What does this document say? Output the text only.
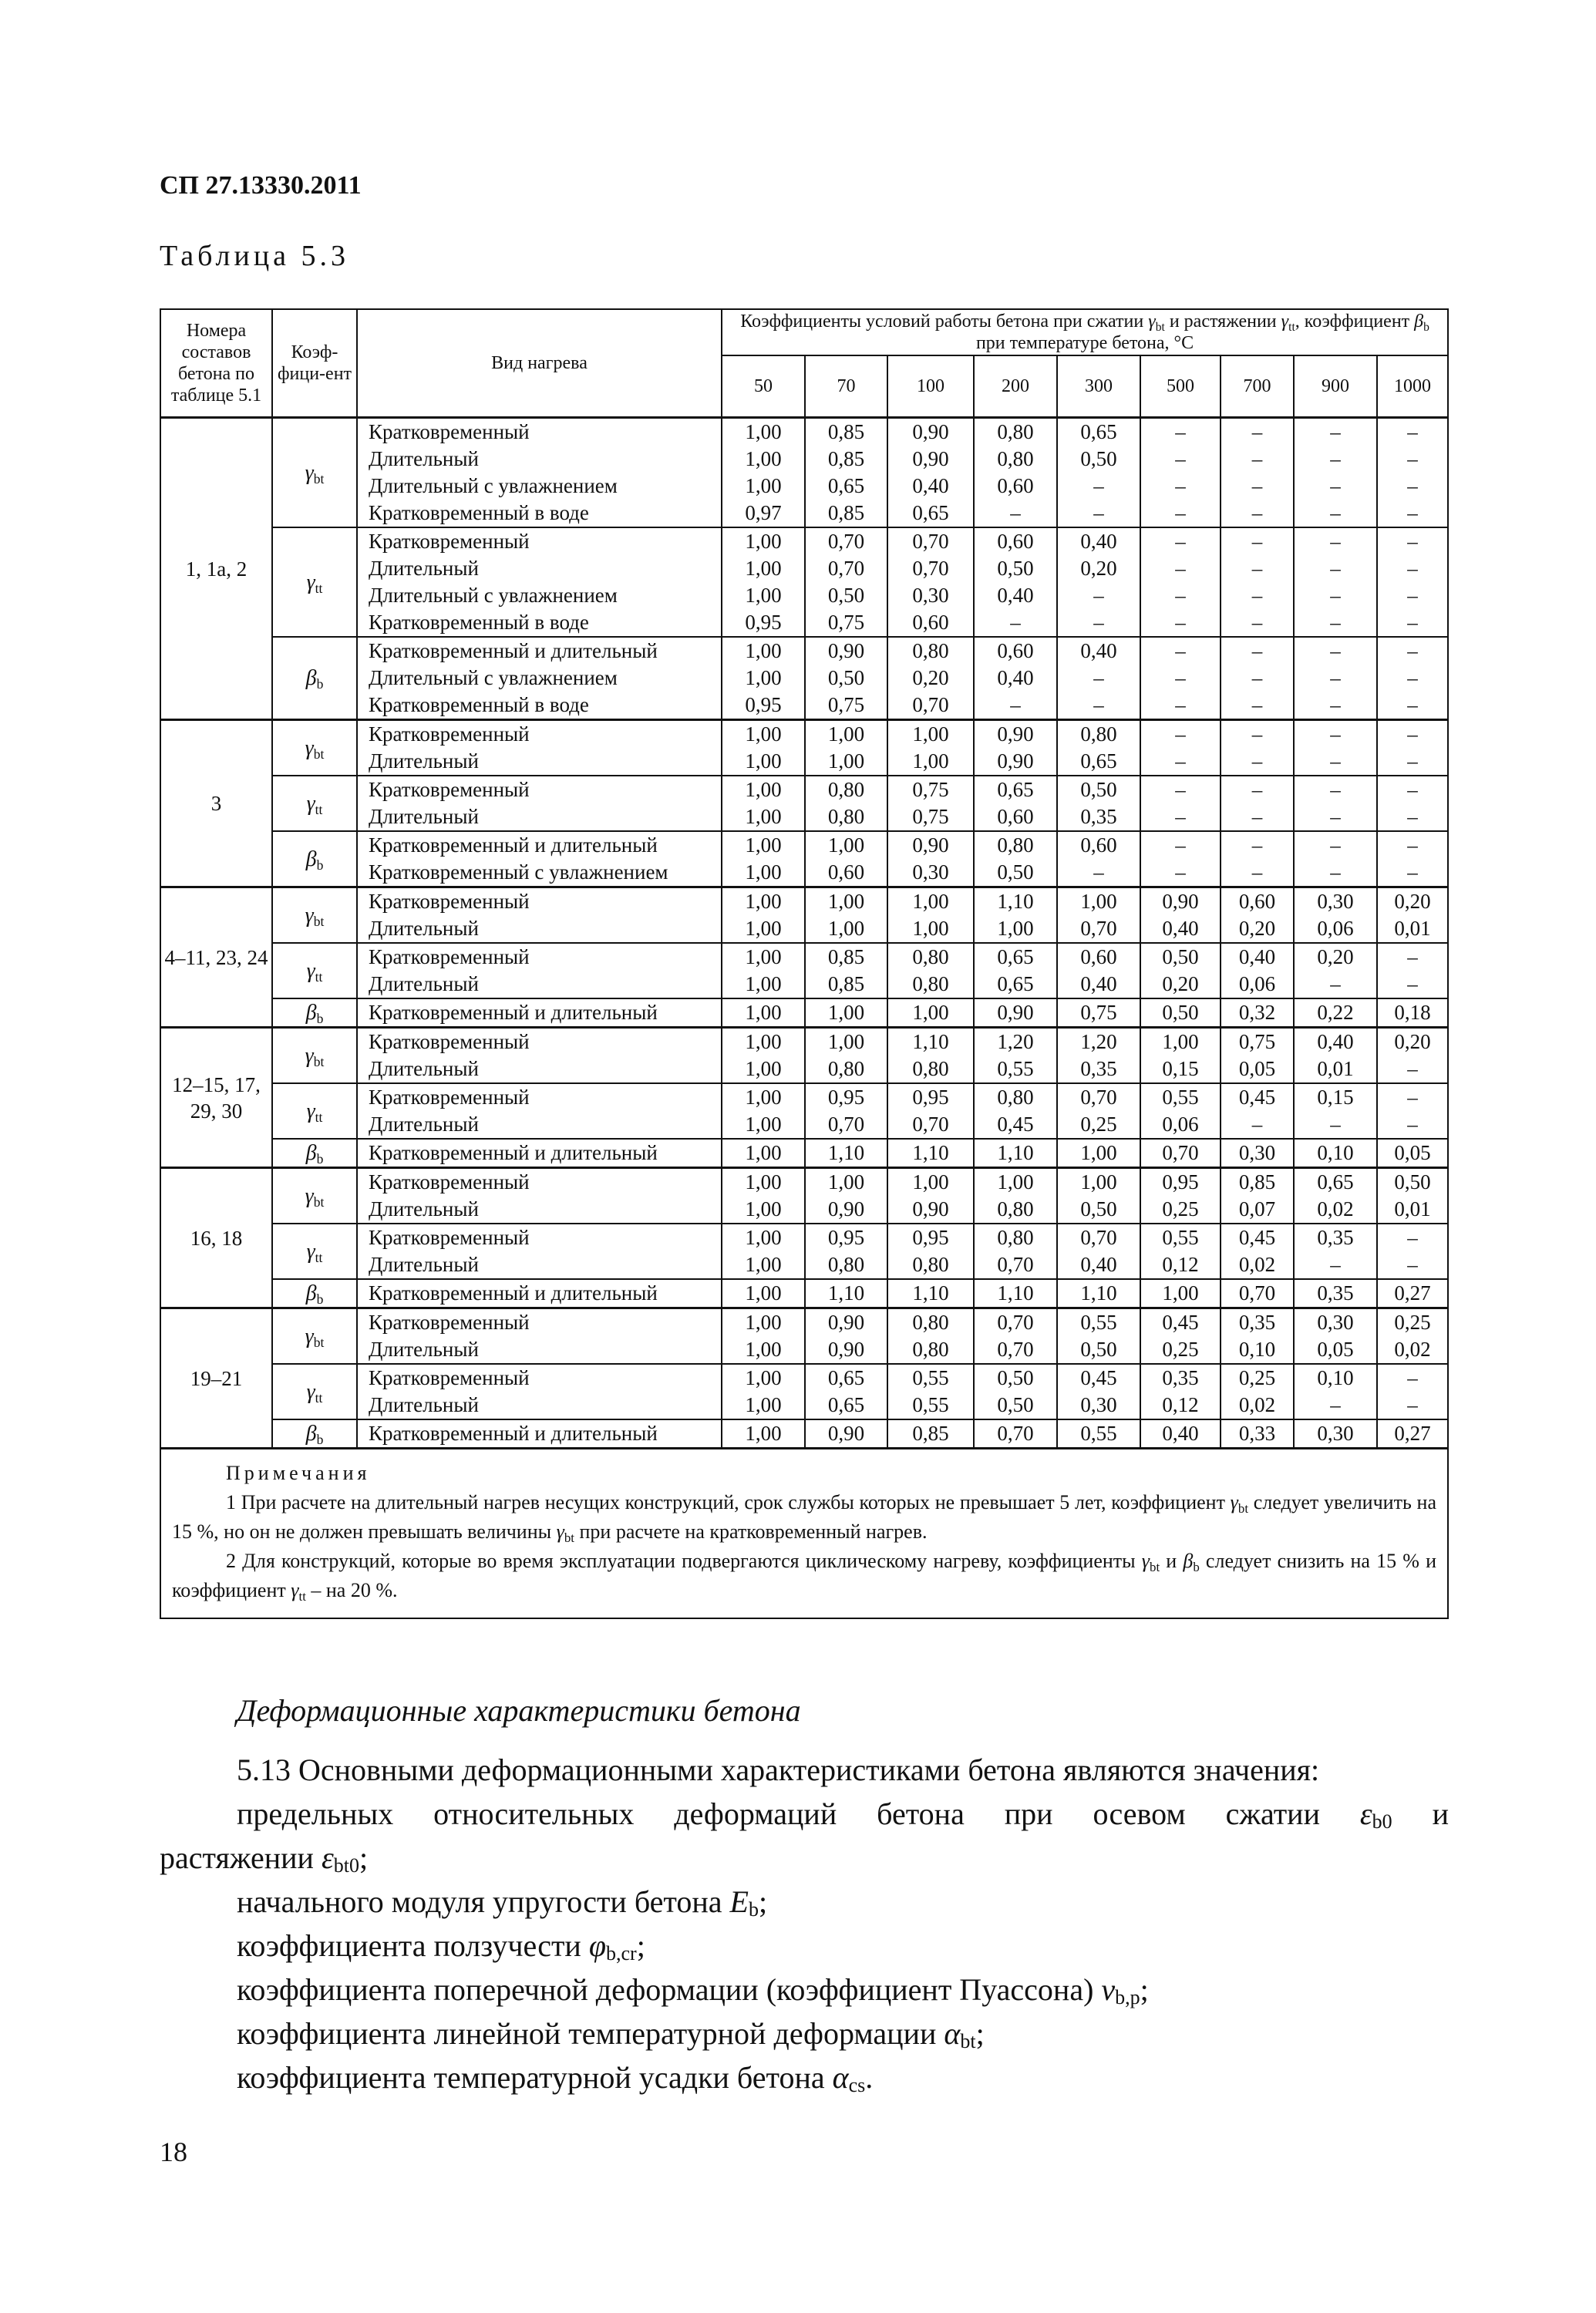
СП 27.13330.2011
Таблица 5.3
Номера составов бетона по таблице 5.1	Коэф-фици-ент	Вид нагрева	Коэффициенты условий работы бетона при сжатии $\gamma_{bt}$ и растяжении $\gamma_{tt}$, коэффициент $\beta_b$ при температуре бетона, °С								
			50	70	100	200	300	500	700	900	1000
1, 1а, 2	$\gamma_{bt}$	Кратковременный	1,00	0,85	0,90	0,80	0,65	–	–	–	–
		Длительный	1,00	0,85	0,90	0,80	0,50	–	–	–	–
		Длительный с увлажнением	1,00	0,65	0,40	0,60	–	–	–	–	–
		Кратковременный в воде	0,97	0,85	0,65	–	–	–	–	–	–
	$\gamma_{tt}$	Кратковременный	1,00	0,70	0,70	0,60	0,40	–	–	–	–
		Длительный	1,00	0,70	0,70	0,50	0,20	–	–	–	–
		Длительный с увлажнением	1,00	0,50	0,30	0,40	–	–	–	–	–
		Кратковременный в воде	0,95	0,75	0,60	–	–	–	–	–	–
	$\beta_b$	Кратковременный и длительный	1,00	0,90	0,80	0,60	0,40	–	–	–	–
		Длительный с увлажнением	1,00	0,50	0,20	0,40	–	–	–	–	–
		Кратковременный в воде	0,95	0,75	0,70	–	–	–	–	–	–
3	$\gamma_{bt}$	Кратковременный	1,00	1,00	1,00	0,90	0,80	–	–	–	–
		Длительный	1,00	1,00	1,00	0,90	0,65	–	–	–	–
	$\gamma_{tt}$	Кратковременный	1,00	0,80	0,75	0,65	0,50	–	–	–	–
		Длительный	1,00	0,80	0,75	0,60	0,35	–	–	–	–
	$\beta_b$	Кратковременный и длительный	1,00	1,00	0,90	0,80	0,60	–	–	–	–
		Кратковременный с увлажнением	1,00	0,60	0,30	0,50	–	–	–	–	–
4–11, 23, 24	$\gamma_{bt}$	Кратковременный	1,00	1,00	1,00	1,10	1,00	0,90	0,60	0,30	0,20
		Длительный	1,00	1,00	1,00	1,00	0,70	0,40	0,20	0,06	0,01
	$\gamma_{tt}$	Кратковременный	1,00	0,85	0,80	0,65	0,60	0,50	0,40	0,20	–
		Длительный	1,00	0,85	0,80	0,65	0,40	0,20	0,06	–	–
	$\beta_b$	Кратковременный и длительный	1,00	1,00	1,00	0,90	0,75	0,50	0,32	0,22	0,18
12–15, 17, 29, 30	$\gamma_{bt}$	Кратковременный	1,00	1,00	1,10	1,20	1,20	1,00	0,75	0,40	0,20
		Длительный	1,00	0,80	0,80	0,55	0,35	0,15	0,05	0,01	–
	$\gamma_{tt}$	Кратковременный	1,00	0,95	0,95	0,80	0,70	0,55	0,45	0,15	–
		Длительный	1,00	0,70	0,70	0,45	0,25	0,06	–	–	–
	$\beta_b$	Кратковременный и длительный	1,00	1,10	1,10	1,10	1,00	0,70	0,30	0,10	0,05
16, 18	$\gamma_{bt}$	Кратковременный	1,00	1,00	1,00	1,00	1,00	0,95	0,85	0,65	0,50
		Длительный	1,00	0,90	0,90	0,80	0,50	0,25	0,07	0,02	0,01
	$\gamma_{tt}$	Кратковременный	1,00	0,95	0,95	0,80	0,70	0,55	0,45	0,35	–
		Длительный	1,00	0,80	0,80	0,70	0,40	0,12	0,02	–	–
	$\beta_b$	Кратковременный и длительный	1,00	1,10	1,10	1,10	1,10	1,00	0,70	0,35	0,27
19–21	$\gamma_{bt}$	Кратковременный	1,00	0,90	0,80	0,70	0,55	0,45	0,35	0,30	0,25
		Длительный	1,00	0,90	0,80	0,70	0,50	0,25	0,10	0,05	0,02
	$\gamma_{tt}$	Кратковременный	1,00	0,65	0,55	0,50	0,45	0,35	0,25	0,10	–
		Длительный	1,00	0,65	0,55	0,50	0,30	0,12	0,02	–	–
	$\beta_b$	Кратковременный и длительный	1,00	0,90	0,85	0,70	0,55	0,40	0,33	0,30	0,27
Примечания

1 При расчете на длительный нагрев несущих конструкций, срок службы которых не превышает 5 лет, коэффициент $\gamma_{bt}$ следует увеличить на 15 %, но он не должен превышать величины $\gamma_{bt}$ при расчете на кратковременный нагрев.

2 Для конструкций, которые во время эксплуатации подвергаются циклическому нагреву, коэффициенты $\gamma_{bt}$ и $\beta_b$ следует снизить на 15 % и коэффициент $\gamma_{tt}$ – на 20 %.

Деформационные характеристики бетона
5.13 Основными деформационными характеристиками бетона являются значения:
предельных относительных деформаций бетона при осевом сжатии $\varepsilon_{b0}$ и
растяжении $\varepsilon_{bt0}$;
начального модуля упругости бетона $E_b$;
коэффициента ползучести $\varphi_{b,cr}$;
коэффициента поперечной деформации (коэффициент Пуассона) $\nu_{b,p}$;
коэффициента линейной температурной деформации $\alpha_{bt}$;
коэффициента температурной усадки бетона $\alpha_{cs}$.
18
